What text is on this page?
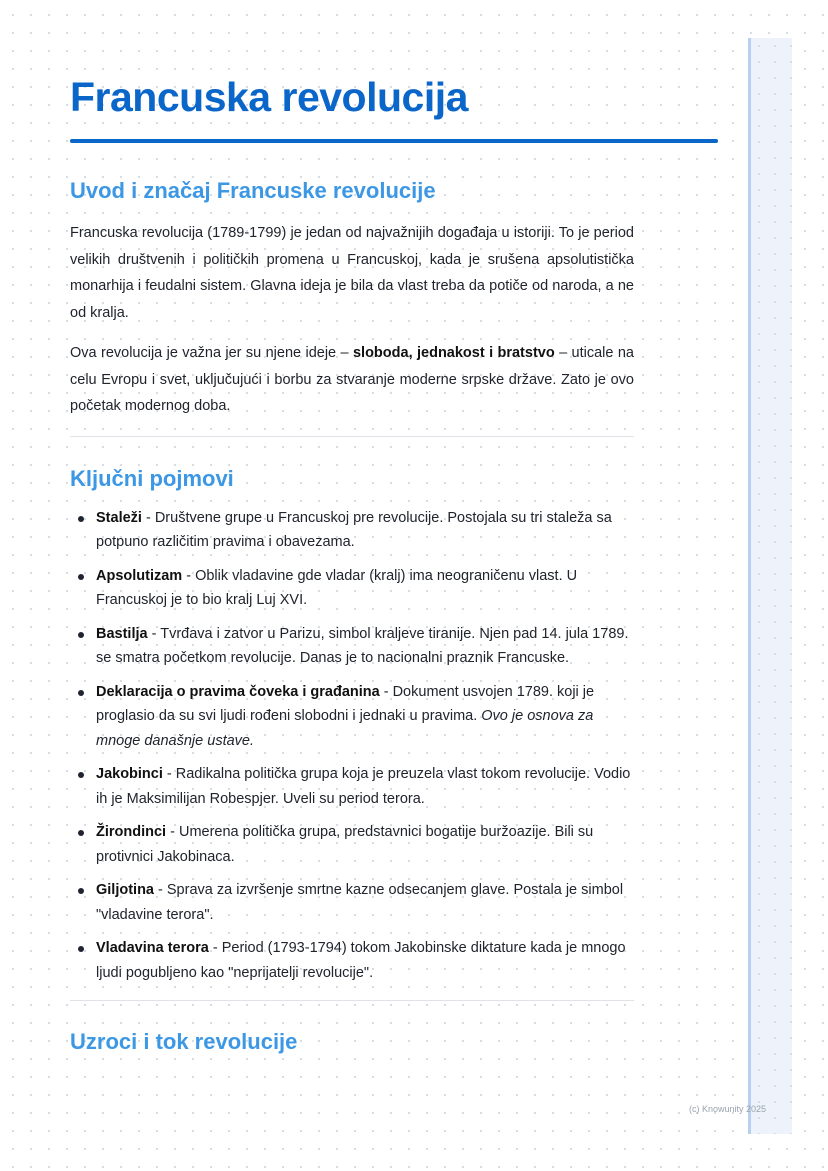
Francuska revolucija
Uvod i značaj Francuske revolucije

Francuska revolucija (1789-1799) je jedan od najvažnijih događaja u istoriji. To je period velikih društvenih i političkih promena u Francuskoj, kada je srušena apsolutistička monarhija i feudalni sistem. Glavna ideja je bila da vlast treba da potiče od naroda, a ne od kralja.

Ova revolucija je važna jer su njene ideje – sloboda, jednakost i bratstvo – uticale na celu Evropu i svet, uključujući i borbu za stvaranje moderne srpske države. Zato je ovo početak modernog doba.

Ključni pojmovi
Staleži - Društvene grupe u Francuskoj pre revolucije. Postojala su tri staleža sa potpuno različitim pravima i obavezama.
Apsolutizam - Oblik vladavine gde vladar (kralj) ima neograničenu vlast. U Francuskoj je to bio kralj Luj XVI.
Bastilja - Tvrđava i zatvor u Parizu, simbol kraljeve tiranije. Njen pad 14. jula 1789. se smatra početkom revolucije. Danas je to nacionalni praznik Francuske.
Deklaracija o pravima čoveka i građanina - Dokument usvojen 1789. koji je proglasio da su svi ljudi rođeni slobodni i jednaki u pravima. Ovo je osnova za mnoge današnje ustave.
Jakobinci - Radikalna politička grupa koja je preuzela vlast tokom revolucije. Vodio ih je Maksimilijan Robespjer. Uveli su period terora.
Žirondinci - Umerena politička grupa, predstavnici bogatije buržoazije. Bili su protivnici Jakobinaca.
Giljotina - Sprava za izvršenje smrtne kazne odsecanjem glave. Postala je simbol "vladavine terora".
Vladavina terora - Period (1793-1794) tokom Jakobinske diktature kada je mnogo ljudi pogubljeno kao "neprijatelji revolucije".
Uzroci i tok revolucije
(c) Knowunity 2025
